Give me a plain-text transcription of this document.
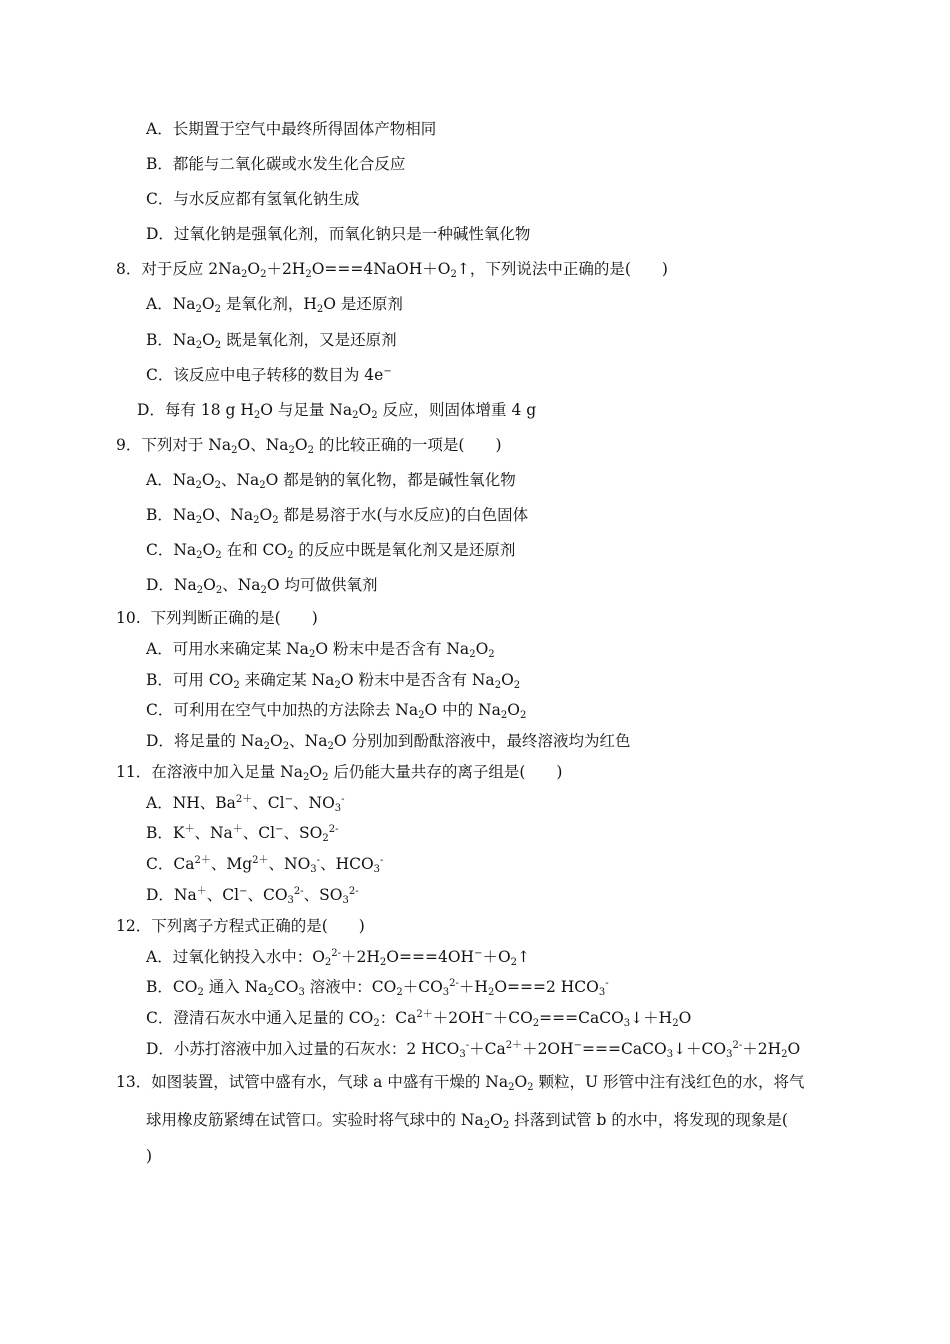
A．长期置于空气中最终所得固体产物相同
B．都能与二氧化碳或水发生化合反应
C．与水反应都有氢氧化钠生成
D．过氧化钠是强氧化剂，而氧化钠只是一种碱性氧化物
8．对于反应 $2Na_2O_2+2H_2O===4NaOH+O_2↑$，下列说法中正确的是(　　)
A．$Na_2O_2$ 是氧化剂，$H_2O$ 是还原剂
B．$Na_2O_2$ 既是氧化剂，又是还原剂
C．该反应中电子转移的数目为 4e−
D．每有 18 g $H_2O$ 与足量 $Na_2O_2$ 反应，则固体增重 4 g
9．下列对于 $Na_2O$、$Na_2O_2$ 的比较正确的一项是(　　)
A．$Na_2O_2$、$Na_2O$ 都是钠的氧化物，都是碱性氧化物
B．$Na_2O$、$Na_2O_2$ 都是易溶于水(与水反应)的白色固体
C．$Na_2O_2$ 在和 $CO_2$ 的反应中既是氧化剂又是还原剂
D．$Na_2O_2$、$Na_2O$ 均可做供氧剂
10. 下列判断正确的是(　　)
A．可用水来确定某 $Na_2O$ 粉末中是否含有 $Na_2O_2$
B．可用 $CO_2$ 来确定某 $Na_2O$ 粉末中是否含有 $Na_2O_2$
C．可利用在空气中加热的方法除去 $Na_2O$ 中的 $Na_2O_2$
D．将足量的 $Na_2O_2$、$Na_2O$ 分别加到酚酞溶液中，最终溶液均为红色
11．在溶液中加入足量 $Na_2O_2$ 后仍能大量共存的离子组是(　　)
A．NH、$Ba^{2+}$、Cl−、$NO_3^-$
B．K＋、Na＋、Cl−、$SO_2^{2-}$
C．$Ca^{2+}$、$Mg^{2+}$、$NO_3^-$、$HCO_3^-$
D．Na＋、Cl−、$CO_3^{2-}$、$SO_3^{2-}$
12．下列离子方程式正确的是(　　)
A．过氧化钠投入水中：$O_2^{2-}+2H_2O===4OH^-+O_2↑$
B．$CO_2$ 通入 $Na_2CO_3$ 溶液中：$CO_2+CO_3^{2-}+H_2O===2$ $HCO_3^-$
C．澄清石灰水中通入足量的 $CO_2$：$Ca^{2+}+2OH^-+CO_2===CaCO_3↓+H_2O$
D．小苏打溶液中加入过量的石灰水：2 $HCO_3^-+Ca^{2+}+2OH^-===CaCO_3↓+CO_3^{2-}+2H_2O$
13．如图装置，试管中盛有水，气球 a 中盛有干燥的 $Na_2O_2$ 颗粒，U 形管中注有浅红色的水，将气
球用橡皮筋紧缚在试管口。实验时将气球中的 $Na_2O_2$ 抖落到试管 b 的水中，将发现的现象是(
)
